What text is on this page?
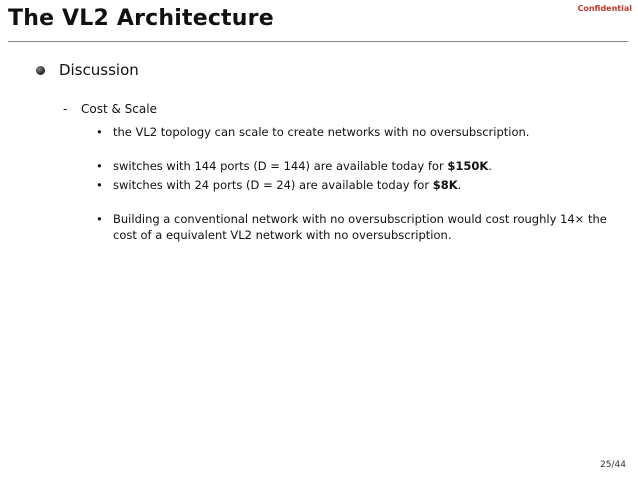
The VL2 Architecture	Confidential
Discussion
-	Cost & Scale
• the VL2 topology can scale to create networks with no oversubscription.
• switches with 144 ports (D = 144) are available today for $150K.
• switches with 24 ports (D = 24) are available today for $8K.
• Building a conventional network with no oversubscription would cost roughly 14× the cost of a equivalent VL2 network with no oversubscription.
25/44
